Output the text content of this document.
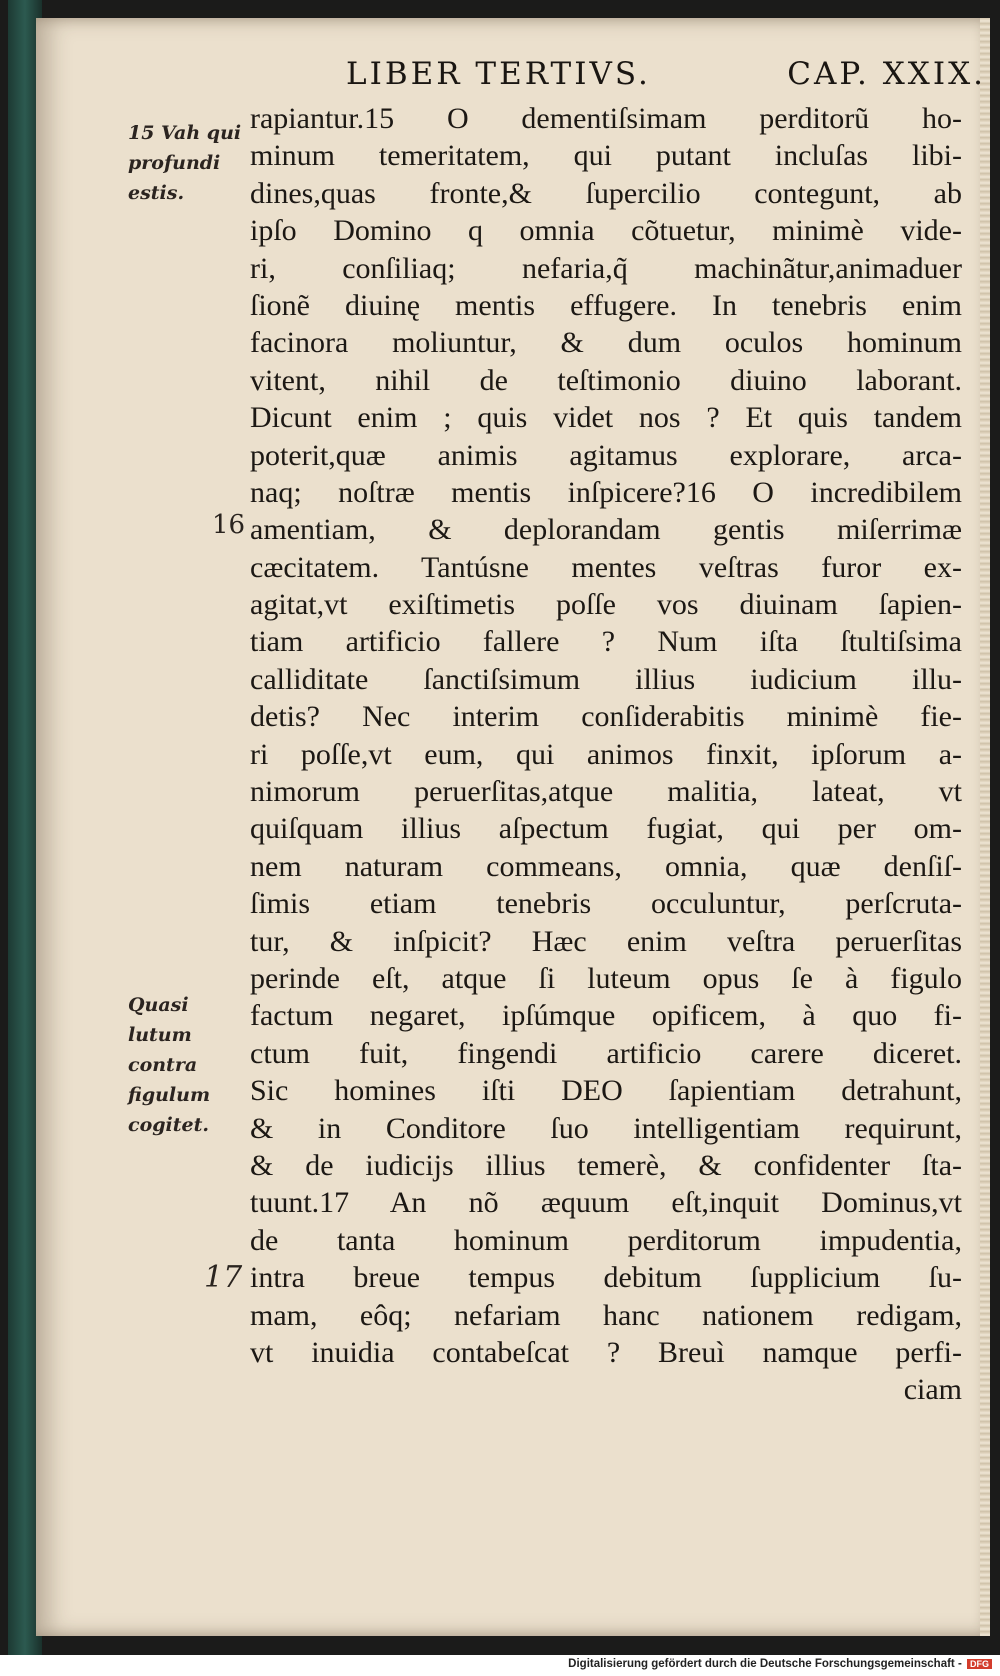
LIBER TERTIVS.	CAP. XXIX.
15 Vah qui profundi estis.
Quasi lutum contra figulum cogitet.
16
17
rapiantur.15 O dementiſsimam perditorũ ho-
minum temeritatem, qui putant incluſas libi-
dines,quas fronte,& ſupercilio contegunt, ab
ipſo Domino q omnia cõtuetur, minimè vide-
ri, conſiliaq; nefaria,q̃ machinãtur,animaduer
ſionẽ diuinę mentis effugere. In tenebris enim
facinora moliuntur, & dum oculos hominum
vitent, nihil de teſtimonio diuino laborant.
Dicunt enim ; quis videt nos ? Et quis tandem
poterit,quæ animis agitamus explorare, arca-
naq; noſtræ mentis inſpicere?16 O incredibilem
amentiam, & deplorandam gentis miſerrimæ
cæcitatem. Tantúsne mentes veſtras furor ex-
agitat,vt exiſtimetis poſſe vos diuinam ſapien-
tiam artificio fallere ? Num iſta ſtultiſsima
calliditate ſanctiſsimum illius iudicium illu-
detis? Nec interim conſiderabitis minimè fie-
ri poſſe,vt eum, qui animos finxit, ipſorum a-
nimorum peruerſitas,atque malitia, lateat, vt
quiſquam illius aſpectum fugiat, qui per om-
nem naturam commeans, omnia, quæ denſiſ-
ſimis etiam tenebris occuluntur, perſcruta-
tur, & inſpicit? Hæc enim veſtra peruerſitas
perinde eſt, atque ſi luteum opus ſe à figulo
factum negaret, ipſúmque opificem, à quo fi-
ctum fuit, fingendi artificio carere diceret.
Sic homines iſti DEO ſapientiam detrahunt,
& in Conditore ſuo intelligentiam requirunt,
& de iudicijs illius temerè, & confidenter ſta-
tuunt.17 An nõ æquum eſt,inquit Dominus,vt
de tanta hominum perditorum impudentia,
intra breue tempus debitum ſupplicium ſu-
mam, eôq; nefariam hanc nationem redigam,
vt inuidia contabeſcat ? Breuì namque perfi-
ciam
Digitalisierung gefördert durch die Deutsche Forschungsgemeinschaft - DFG
